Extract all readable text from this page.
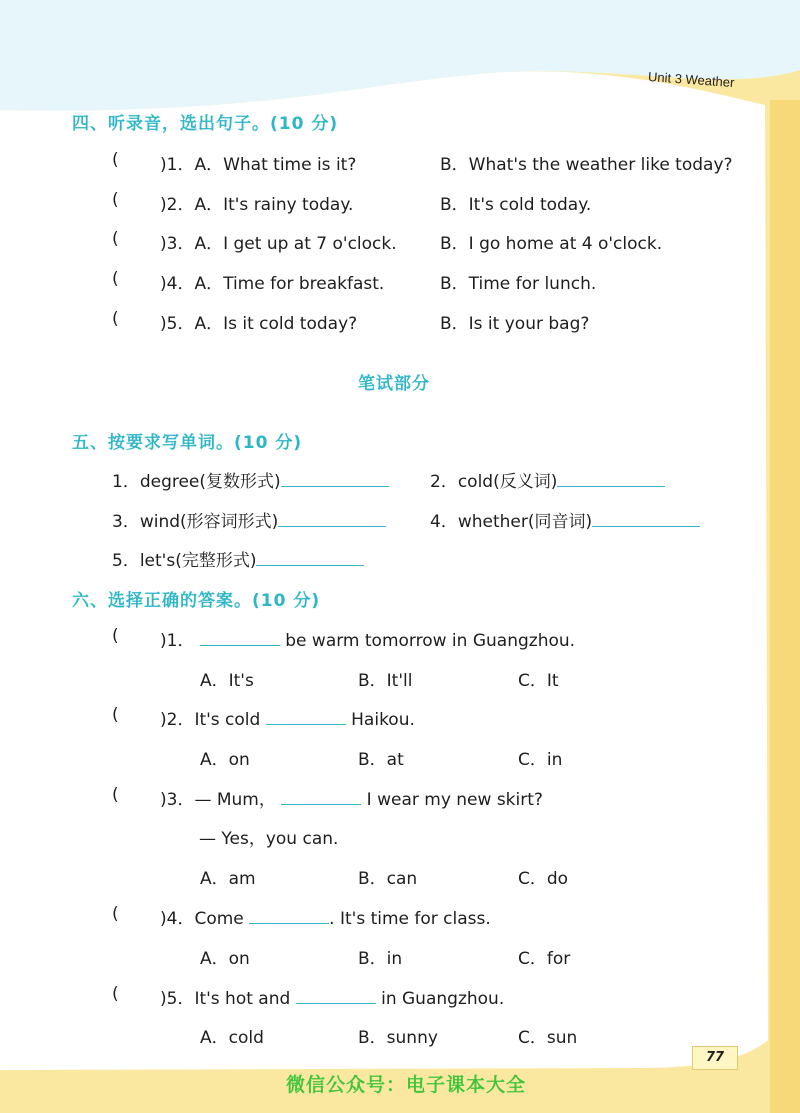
Unit 3 Weather
四、听录音，选出句子。(10 分)
( )1．A．What time is it?	B．What's the weather like today?
( )2．A．It's rainy today.	B．It's cold today.
( )3．A．I get up at 7 o'clock.	B．I go home at 4 o'clock.
( )4．A．Time for breakfast.	B．Time for lunch.
( )5．A．Is it cold today?	B．Is it your bag?
笔试部分
五、按要求写单词。(10 分)
1．degree(复数形式)	2．cold(反义词)
3．wind(形容词形式)	4．whether(同音词)
5．let's(完整形式)
六、选择正确的答案。(10 分)
( )1．	be warm tomorrow in Guangzhou.
A．It's	B．It'll	C．It
( )2．It's cold	Haikou.
A．on	B．at	C．in
( )3．— Mum，	I wear my new skirt?
— Yes，you can.
A．am	B．can	C．do
( )4．Come	. It's time for class.
A．on	B．in	C．for
( )5．It's hot and	in Guangzhou.
A．cold	B．sunny	C．sun
77
微信公众号：电子课本大全
